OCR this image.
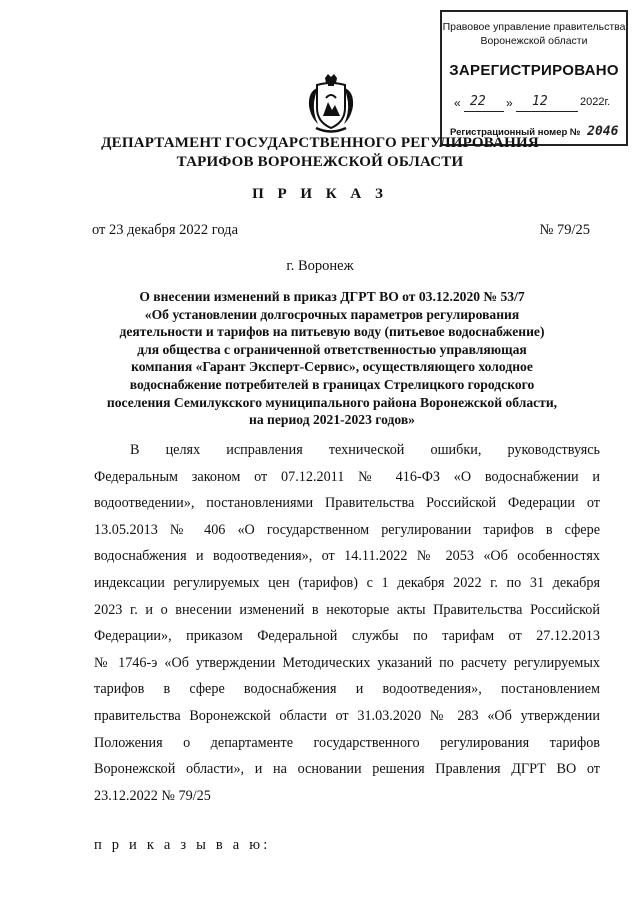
Правовое управление правительства
Воронежской области
ЗАРЕГИСТРИРОВАНО
« 22 » 12	2022г.
Регистрационный номер № 2046
ДЕПАРТАМЕНТ ГОСУДАРСТВЕННОГО РЕГУЛИРОВАНИЯ
ТАРИФОВ ВОРОНЕЖСКОЙ ОБЛАСТИ
П Р И К А З
от 23 декабря 2022 года	№ 79/25
г. Воронеж
О внесении изменений в приказ ДГРТ ВО от 03.12.2020 № 53/7
«Об установлении долгосрочных параметров регулирования
деятельности и тарифов на питьевую воду (питьевое водоснабжение)
для общества с ограниченной ответственностью управляющая
компания «Гарант Эксперт-Сервис», осуществляющего холодное
водоснабжение потребителей в границах Стрелицкого городского
поселения Семилукского муниципального района Воронежской области,
на период 2021-2023 годов»
В целях исправления технической ошибки, руководствуясь
Федеральным законом от 07.12.2011 № 416-ФЗ «О водоснабжении и
водоотведении», постановлениями Правительства Российской Федерации от
13.05.2013 № 406 «О государственном регулировании тарифов в сфере
водоснабжения и водоотведения», от 14.11.2022 № 2053 «Об особенностях
индексации регулируемых цен (тарифов) с 1 декабря 2022 г. по 31 декабря
2023 г. и о внесении изменений в некоторые акты Правительства Российской
Федерации», приказом Федеральной службы по тарифам от 27.12.2013
№ 1746-э «Об утверждении Методических указаний по расчету регулируемых
тарифов в сфере водоснабжения и водоотведения», постановлением
правительства Воронежской области от 31.03.2020 № 283 «Об утверждении
Положения о департаменте государственного регулирования тарифов
Воронежской области», и на основании решения Правления ДГРТ ВО от
23.12.2022 № 79/25
п р и к а з ы в а ю:
